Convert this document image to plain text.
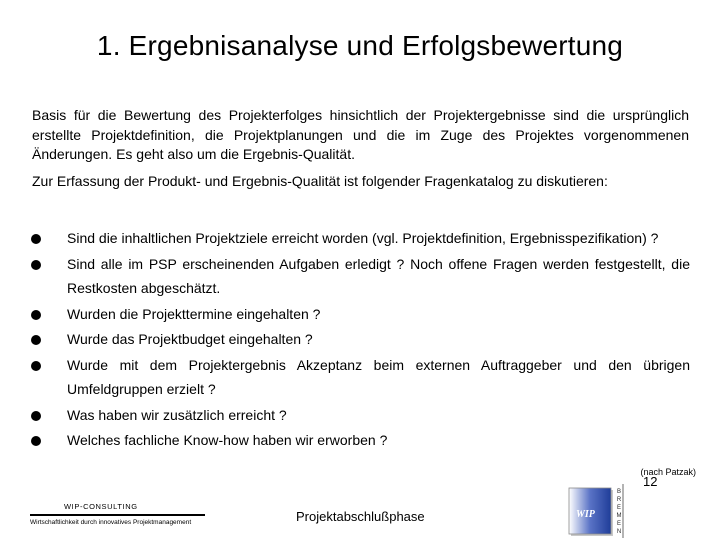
1. Ergebnisanalyse und Erfolgsbewertung

Basis für die Bewertung des Projekterfolges hinsichtlich der Projektergebnisse sind die ursprünglich erstellte Projektdefinition, die Projektplanungen und die im Zuge des Projektes vorgenommenen Änderungen. Es geht also um die Ergebnis-Qualität.

Zur Erfassung der Produkt- und Ergebnis-Qualität ist folgender Fragenkatalog zu diskutieren:

Sind die inhaltlichen Projektziele erreicht worden (vgl. Projektdefinition, Ergebnisspezifikation) ?
Sind alle im PSP erscheinenden Aufgaben erledigt ? Noch offene Fragen werden festgestellt, die Restkosten abgeschätzt.
Wurden die Projekttermine eingehalten ?
Wurde das Projektbudget eingehalten ?
Wurde mit dem Projektergebnis Akzeptanz beim externen Auftraggeber und den übrigen Umfeldgruppen erzielt ?
Was haben wir zusätzlich erreicht ?
Welches fachliche Know-how haben wir erworben ?
(nach Patzak)
WIP-CONSULTING
Wirtschaftlichkeit durch innovatives Projektmanagement	Projektabschlußphase
12
WIP
B
R
E
M
E
N
